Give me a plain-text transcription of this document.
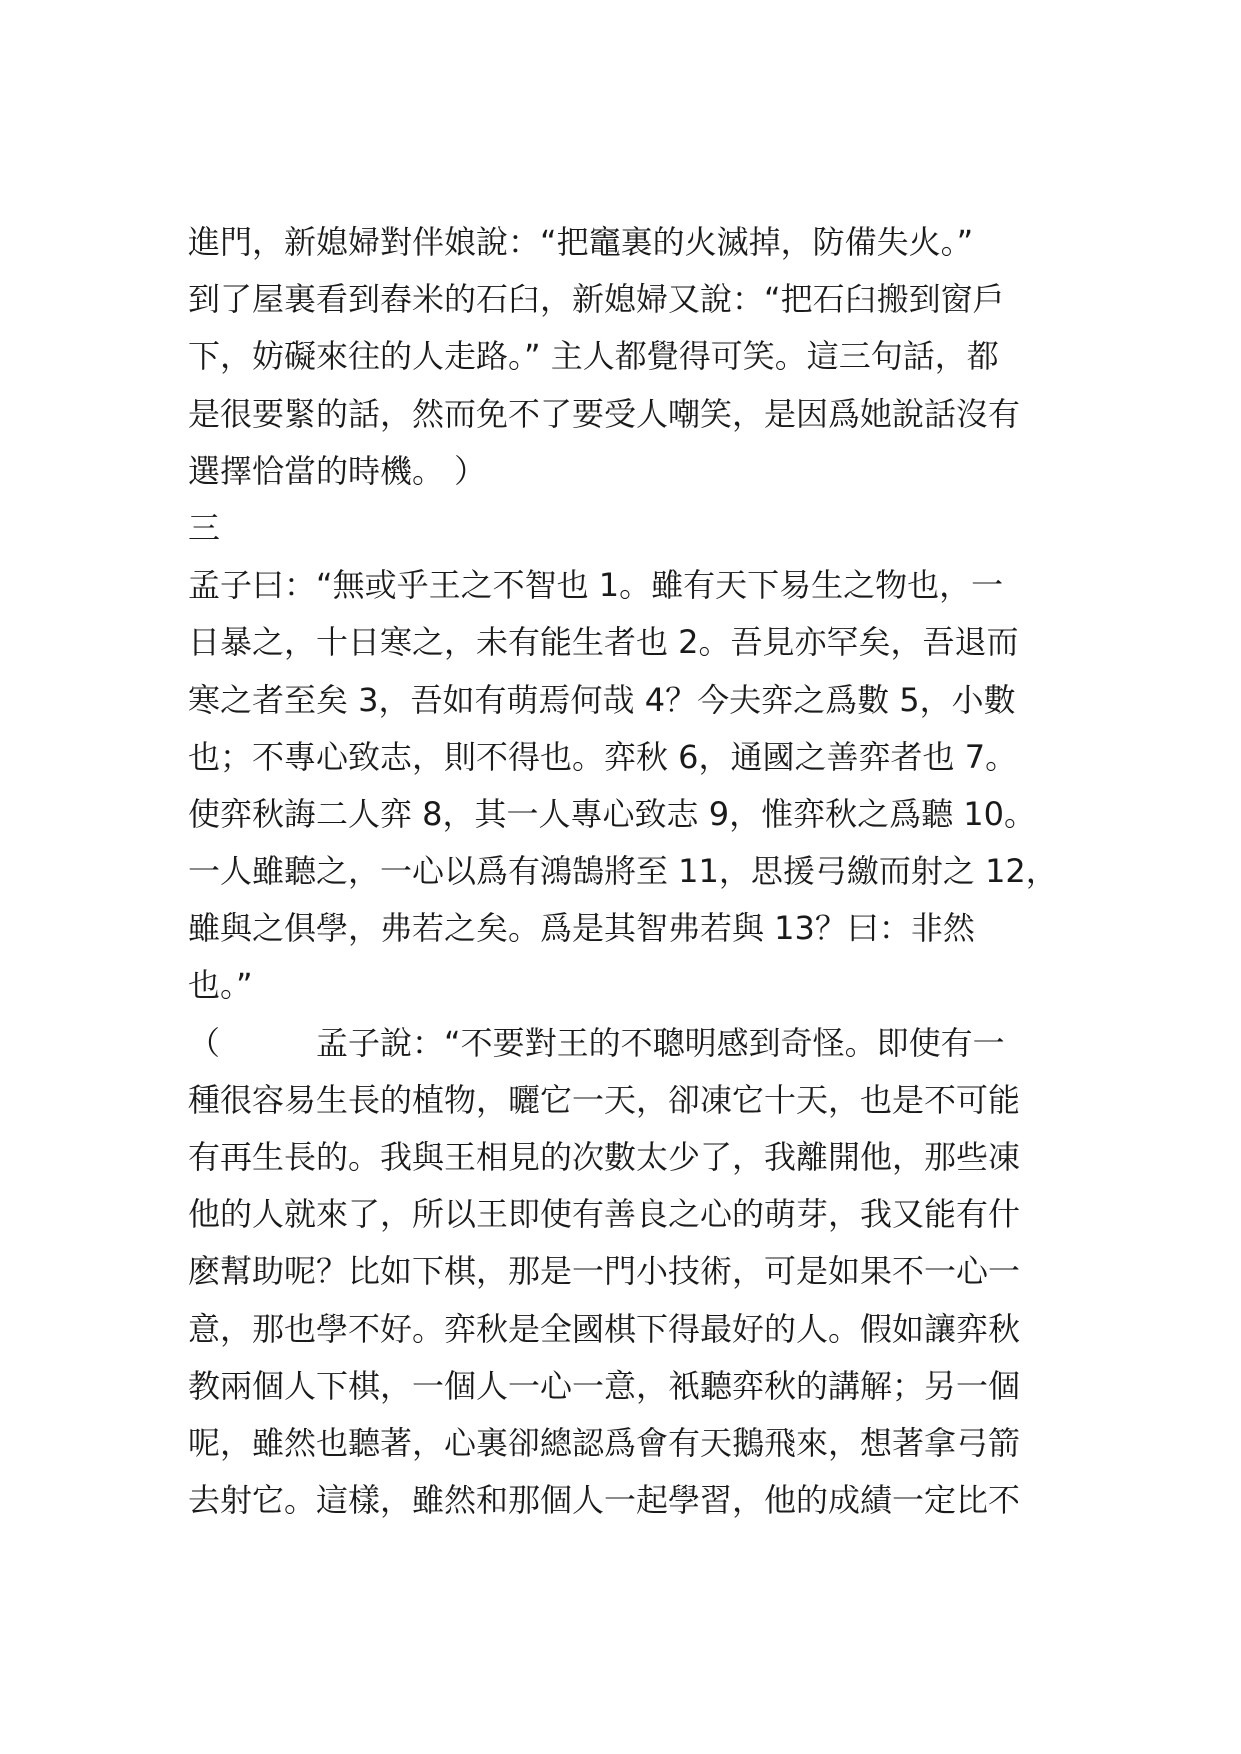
進門，新媳婦對伴娘說：“把竈裏的火滅掉，防備失火。”
到了屋裏看到舂米的石臼，新媳婦又說：“把石臼搬到窗戶
下，妨礙來往的人走路。” 主人都覺得可笑。這三句話，都
是很要緊的話，然而免不了要受人嘲笑，是因爲她說話沒有
選擇恰當的時機。 ）
三
孟子曰：“無或乎王之不智也 1。雖有天下易生之物也，一
日暴之，十日寒之，未有能生者也 2。吾見亦罕矣，吾退而
寒之者至矣 3，吾如有萌焉何哉 4？今夫弈之爲數 5，小數
也；不專心致志，則不得也。弈秋 6，通國之善弈者也 7。
使弈秋誨二人弈 8，其一人專心致志 9，惟弈秋之爲聽 10。
一人雖聽之，一心以爲有鴻鵠將至 11，思援弓繳而射之 12，
雖與之俱學，弗若之矣。爲是其智弗若與 13？曰：非然
也。”
（　　　孟子說：“不要對王的不聰明感到奇怪。即使有一
種很容易生長的植物，曬它一天，卻凍它十天，也是不可能
有再生長的。我與王相見的次數太少了，我離開他，那些凍
他的人就來了，所以王即使有善良之心的萌芽，我又能有什
麽幫助呢？比如下棋，那是一門小技術，可是如果不一心一
意，那也學不好。弈秋是全國棋下得最好的人。假如讓弈秋
教兩個人下棋，一個人一心一意，衹聽弈秋的講解；另一個
呢，雖然也聽著，心裏卻總認爲會有天鵝飛來，想著拿弓箭
去射它。這樣，雖然和那個人一起學習，他的成績一定比不
